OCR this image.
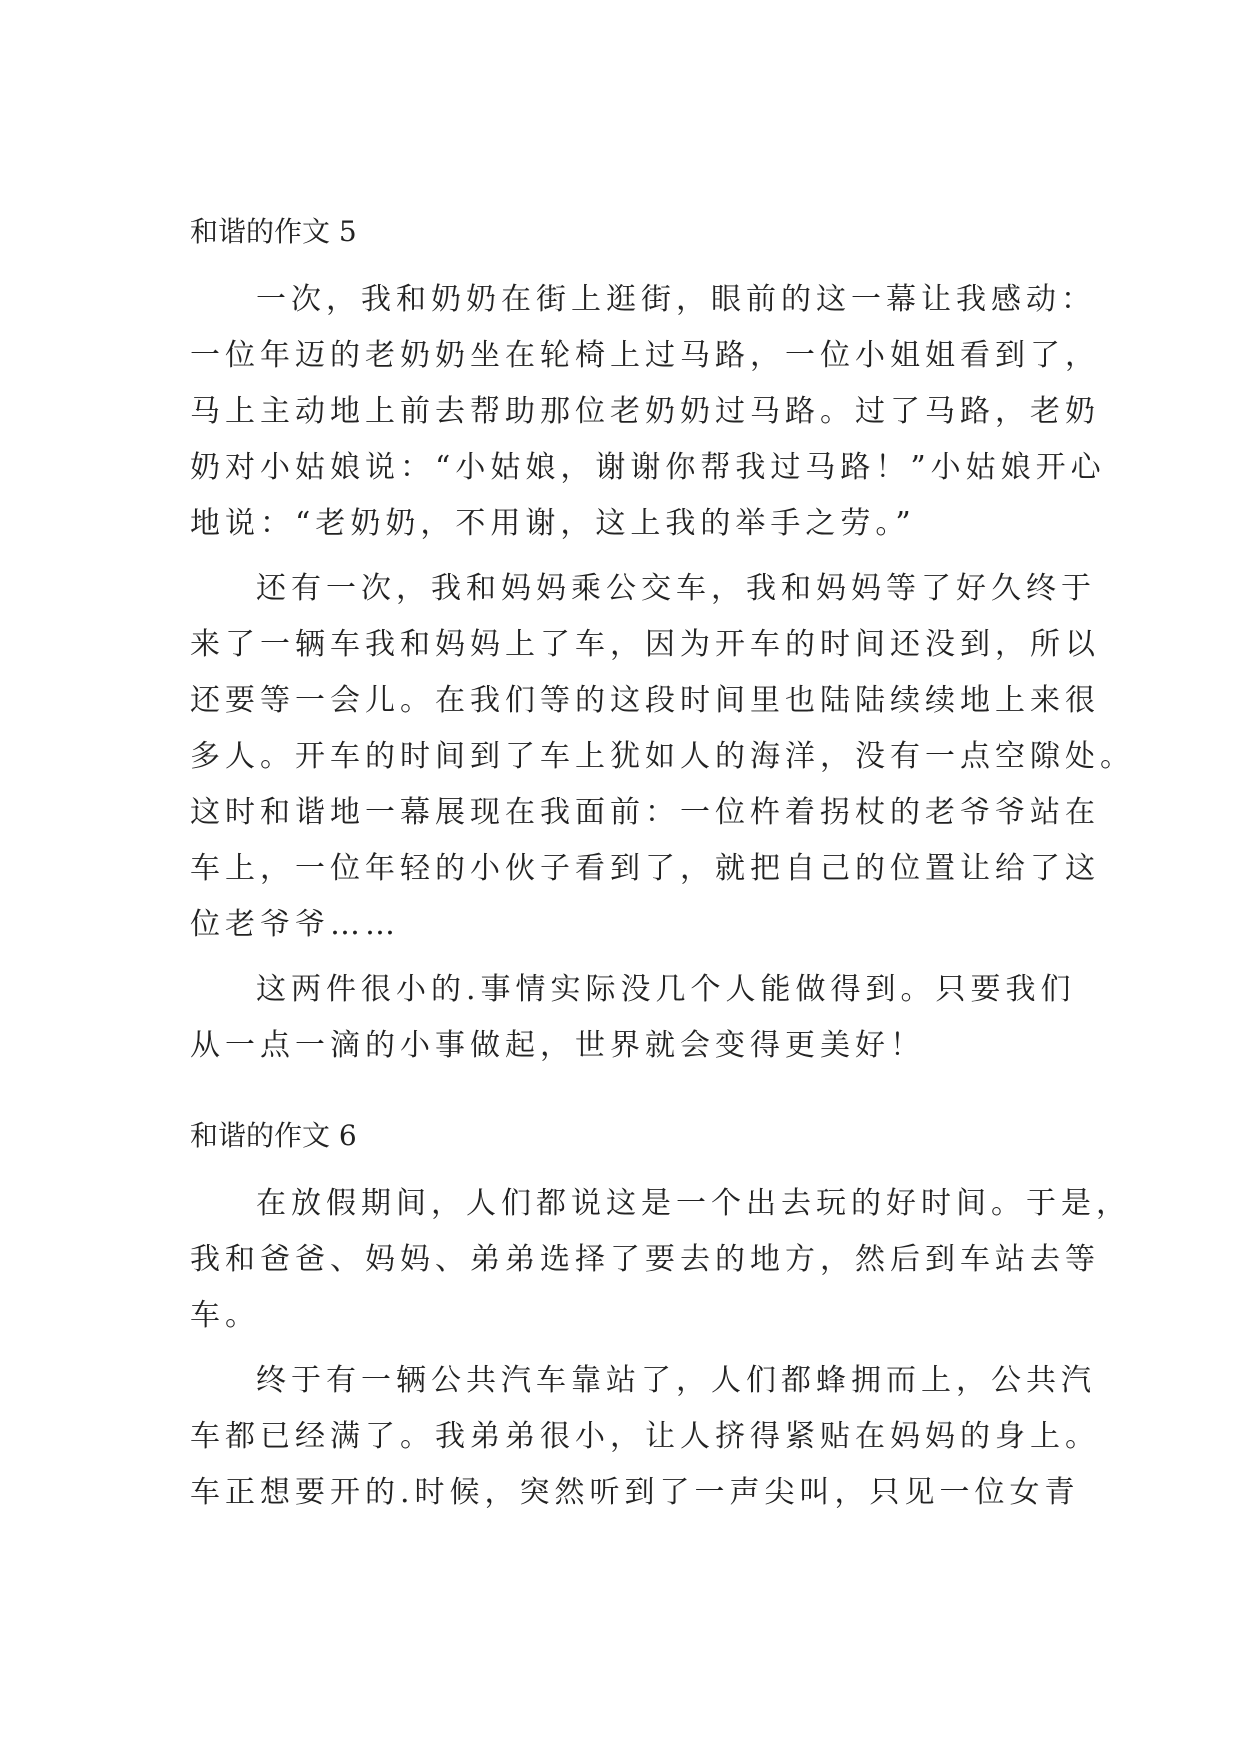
和谐的作文 5
一次，我和奶奶在街上逛街，眼前的这一幕让我感动：
一位年迈的老奶奶坐在轮椅上过马路，一位小姐姐看到了，
马上主动地上前去帮助那位老奶奶过马路。过了马路，老奶
奶对小姑娘说：“小姑娘，谢谢你帮我过马路！”小姑娘开心
地说：“老奶奶，不用谢，这上我的举手之劳。”
还有一次，我和妈妈乘公交车，我和妈妈等了好久终于
来了一辆车我和妈妈上了车，因为开车的时间还没到，所以
还要等一会儿。在我们等的这段时间里也陆陆续续地上来很
多人。开车的时间到了车上犹如人的海洋，没有一点空隙处。
这时和谐地一幕展现在我面前：一位杵着拐杖的老爷爷站在
车上，一位年轻的小伙子看到了，就把自己的位置让给了这
位老爷爷……
这两件很小的.事情实际没几个人能做得到。只要我们
从一点一滴的小事做起，世界就会变得更美好！
和谐的作文 6
在放假期间，人们都说这是一个出去玩的好时间。于是，
我和爸爸、妈妈、弟弟选择了要去的地方，然后到车站去等
车。
终于有一辆公共汽车靠站了，人们都蜂拥而上，公共汽
车都已经满了。我弟弟很小，让人挤得紧贴在妈妈的身上。
车正想要开的.时候，突然听到了一声尖叫，只见一位女青
